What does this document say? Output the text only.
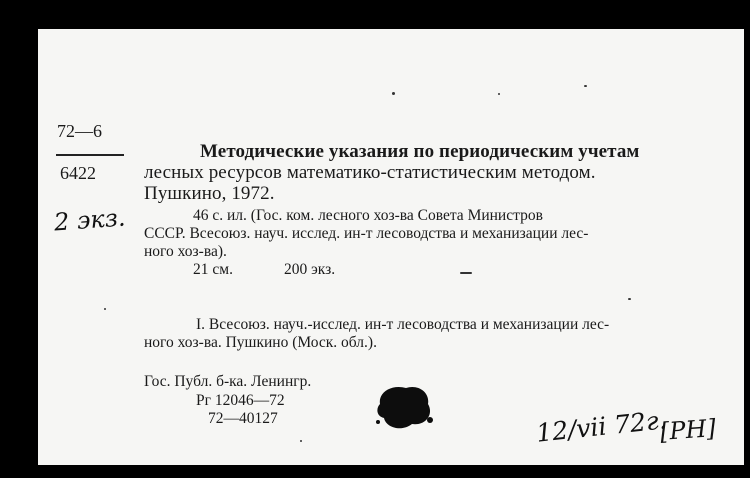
72—6
6422
2 экз.
Методические указания по периодическим учетам
лесных ресурсов математико-статистическим методом.
Пушкино, 1972.
46 с. ил. (Гос. ком. лесного хоз-ва Совета Министров
СССР. Всесоюз. науч. исслед. ин-т лесоводства и механизации лес-
ного хоз-ва).
21 см.	200 экз.
I. Всесоюз. науч.-исслед. ин-т лесоводства и механизации лес-
ного хоз-ва. Пушкино (Моск. обл.).
Гос. Публ. б-ка. Ленингр.
Рг 12046—72
72—40127	12/vii 72г.
[PH]
